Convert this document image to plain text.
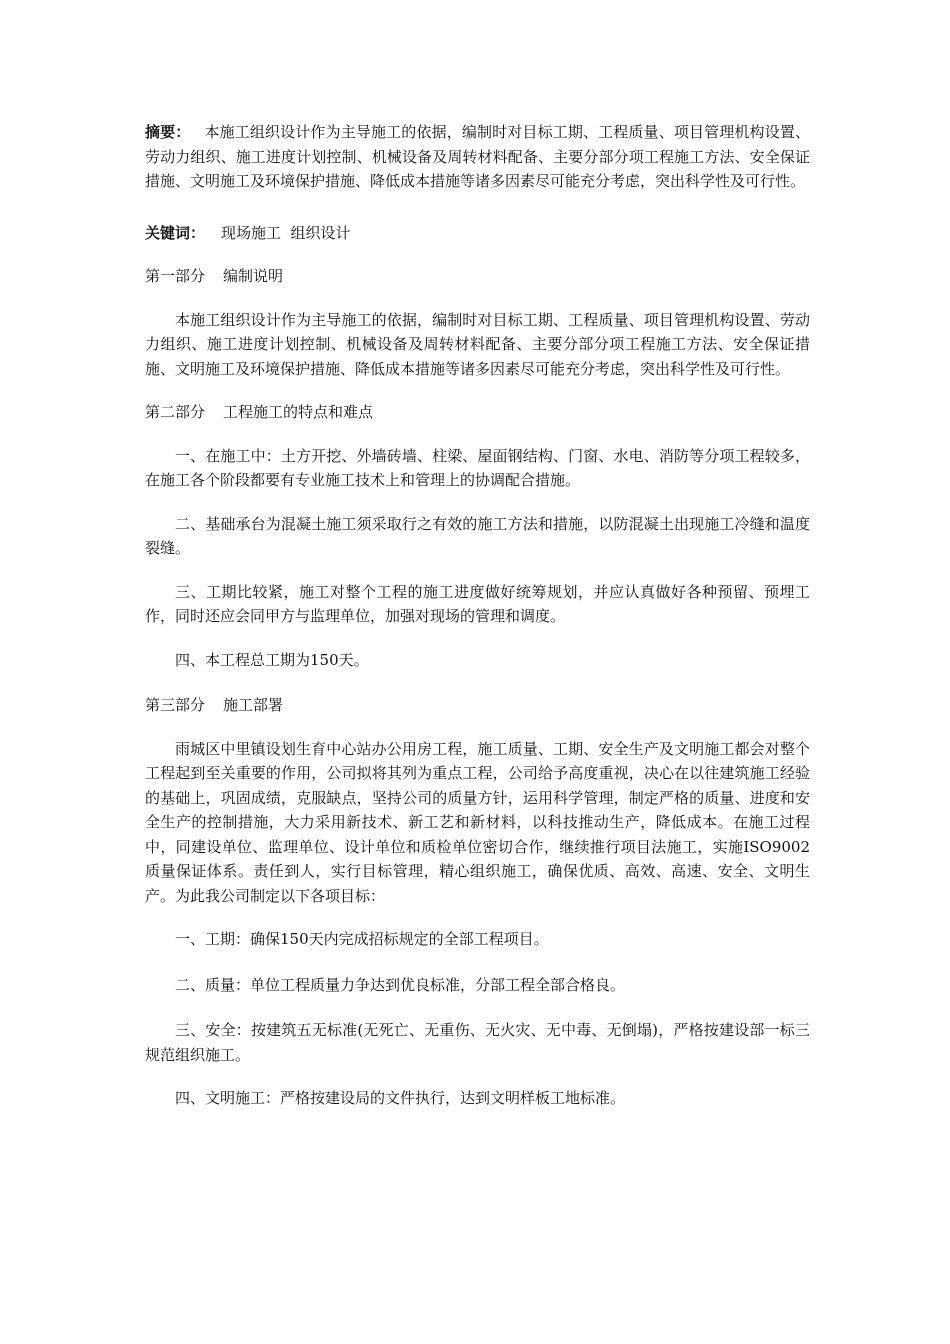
摘要： 本施工组织设计作为主导施工的依据，编制时对目标工期、工程质量、项目管理机构设置、劳动力组织、施工进度计划控制、机械设备及周转材料配备、主要分部分项工程施工方法、安全保证措施、文明施工及环境保护措施、降低成本措施等诸多因素尽可能充分考虑，突出科学性及可行性。

关键词： 现场施工  组织设计

第一部分 编制说明

本施工组织设计作为主导施工的依据，编制时对目标工期、工程质量、项目管理机构设置、劳动力组织、施工进度计划控制、机械设备及周转材料配备、主要分部分项工程施工方法、安全保证措施、文明施工及环境保护措施、降低成本措施等诸多因素尽可能充分考虑，突出科学性及可行性。

第二部分 工程施工的特点和难点

一、在施工中：土方开挖、外墙砖墙、柱梁、屋面钢结构、门窗、水电、消防等分项工程较多，在施工各个阶段都要有专业施工技术上和管理上的协调配合措施。

二、基础承台为混凝土施工须采取行之有效的施工方法和措施，以防混凝土出现施工冷缝和温度裂缝。

三、工期比较紧，施工对整个工程的施工进度做好统筹规划，并应认真做好各种预留、预埋工作，同时还应会同甲方与监理单位，加强对现场的管理和调度。

四、本工程总工期为150天。

第三部分 施工部署

雨城区中里镇设划生育中心站办公用房工程，施工质量、工期、安全生产及文明施工都会对整个工程起到至关重要的作用，公司拟将其列为重点工程，公司给予高度重视，决心在以往建筑施工经验的基础上，巩固成绩，克服缺点，坚持公司的质量方针，运用科学管理，制定严格的质量、进度和安全生产的控制措施，大力采用新技术、新工艺和新材料，以科技推动生产，降低成本。在施工过程中，同建设单位、监理单位、设计单位和质检单位密切合作，继续推行项目法施工，实施ISO9002质量保证体系。责任到人，实行目标管理，精心组织施工，确保优质、高效、高速、安全、文明生产。为此我公司制定以下各项目标：

一、工期：确保150天内完成招标规定的全部工程项目。

二、质量：单位工程质量力争达到优良标准，分部工程全部合格良。

三、安全：按建筑五无标准(无死亡、无重伤、无火灾、无中毒、无倒塌)，严格按建设部一标三规范组织施工。

四、文明施工：严格按建设局的文件执行，达到文明样板工地标准。
